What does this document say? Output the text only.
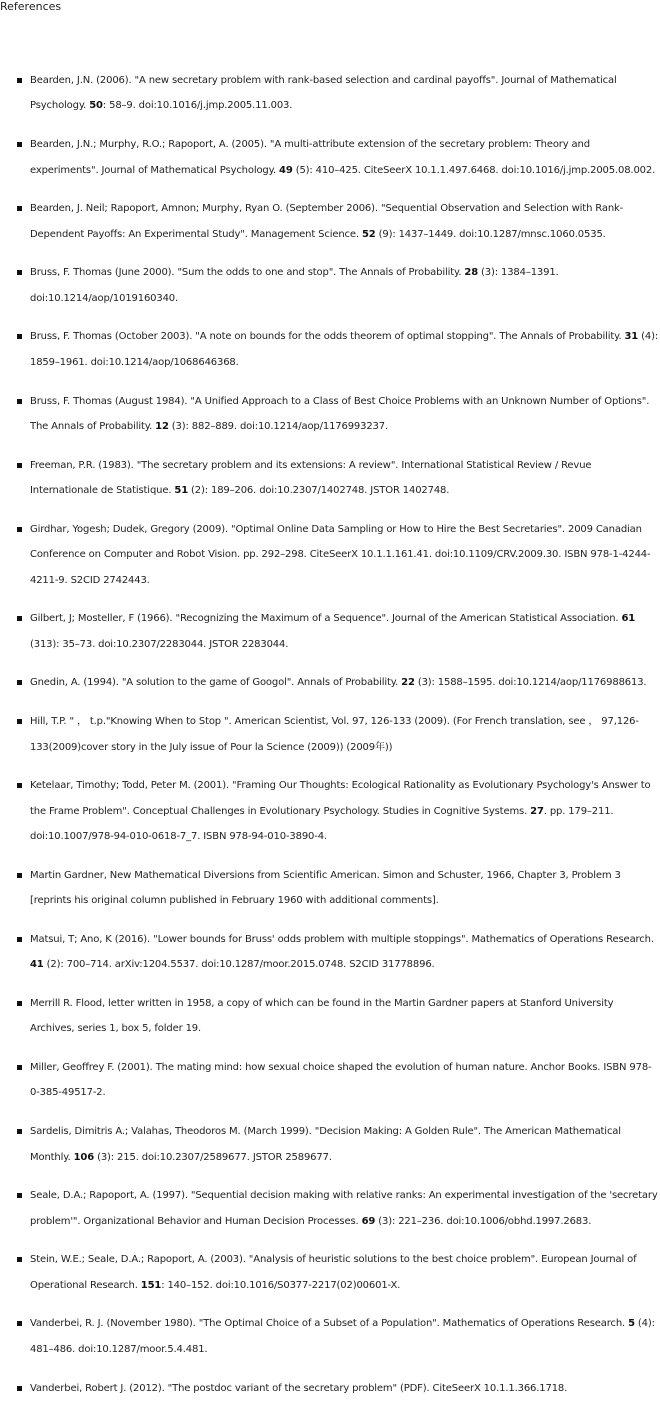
References
Bearden, J.N. (2006). "A new secretary problem with rank-based selection and cardinal payoffs". Journal of Mathematical Psychology. 50: 58–9. doi:10.1016/j.jmp.2005.11.003.
Bearden, J.N.; Murphy, R.O.; Rapoport, A. (2005). "A multi-attribute extension of the secretary problem: Theory and experiments". Journal of Mathematical Psychology. 49 (5): 410–425. CiteSeerX 10.1.1.497.6468. doi:10.1016/j.jmp.2005.08.002.
Bearden, J. Neil; Rapoport, Amnon; Murphy, Ryan O. (September 2006). "Sequential Observation and Selection with Rank-Dependent Payoffs: An Experimental Study". Management Science. 52 (9): 1437–1449. doi:10.1287/mnsc.1060.0535.
Bruss, F. Thomas (June 2000). "Sum the odds to one and stop". The Annals of Probability. 28 (3): 1384–1391. doi:10.1214/aop/1019160340.
Bruss, F. Thomas (October 2003). "A note on bounds for the odds theorem of optimal stopping". The Annals of Probability. 31 (4): 1859–1961. doi:10.1214/aop/1068646368.
Bruss, F. Thomas (August 1984). "A Unified Approach to a Class of Best Choice Problems with an Unknown Number of Options". The Annals of Probability. 12 (3): 882–889. doi:10.1214/aop/1176993237.
Freeman, P.R. (1983). "The secretary problem and its extensions: A review". International Statistical Review / Revue Internationale de Statistique. 51 (2): 189–206. doi:10.2307/1402748. JSTOR 1402748.
Girdhar, Yogesh; Dudek, Gregory (2009). "Optimal Online Data Sampling or How to Hire the Best Secretaries". 2009 Canadian Conference on Computer and Robot Vision. pp. 292–298. CiteSeerX 10.1.1.161.41. doi:10.1109/CRV.2009.30. ISBN 978-1-4244-4211-9. S2CID 2742443.
Gilbert, J; Mosteller, F (1966). "Recognizing the Maximum of a Sequence". Journal of the American Statistical Association. 61 (313): 35–73. doi:10.2307/2283044. JSTOR 2283044.
Gnedin, A. (1994). "A solution to the game of Googol". Annals of Probability. 22 (3): 1588–1595. doi:10.1214/aop/1176988613.
Hill, T.P. " ， t.p."Knowing When to Stop ". American Scientist, Vol. 97, 126-133 (2009). (For French translation, see ， 97,126-133(2009)cover story in the July issue of Pour la Science (2009)) (2009年))
Ketelaar, Timothy; Todd, Peter M. (2001). "Framing Our Thoughts: Ecological Rationality as Evolutionary Psychology's Answer to the Frame Problem". Conceptual Challenges in Evolutionary Psychology. Studies in Cognitive Systems. 27. pp. 179–211. doi:10.1007/978-94-010-0618-7_7. ISBN 978-94-010-3890-4.
Martin Gardner, New Mathematical Diversions from Scientific American. Simon and Schuster, 1966, Chapter 3, Problem 3 [reprints his original column published in February 1960 with additional comments].
Matsui, T; Ano, K (2016). "Lower bounds for Bruss' odds problem with multiple stoppings". Mathematics of Operations Research. 41 (2): 700–714. arXiv:1204.5537. doi:10.1287/moor.2015.0748. S2CID 31778896.
Merrill R. Flood, letter written in 1958, a copy of which can be found in the Martin Gardner papers at Stanford University Archives, series 1, box 5, folder 19.
Miller, Geoffrey F. (2001). The mating mind: how sexual choice shaped the evolution of human nature. Anchor Books. ISBN 978-0-385-49517-2.
Sardelis, Dimitris A.; Valahas, Theodoros M. (March 1999). "Decision Making: A Golden Rule". The American Mathematical Monthly. 106 (3): 215. doi:10.2307/2589677. JSTOR 2589677.
Seale, D.A.; Rapoport, A. (1997). "Sequential decision making with relative ranks: An experimental investigation of the 'secretary problem'". Organizational Behavior and Human Decision Processes. 69 (3): 221–236. doi:10.1006/obhd.1997.2683.
Stein, W.E.; Seale, D.A.; Rapoport, A. (2003). "Analysis of heuristic solutions to the best choice problem". European Journal of Operational Research. 151: 140–152. doi:10.1016/S0377-2217(02)00601-X.
Vanderbei, R. J. (November 1980). "The Optimal Choice of a Subset of a Population". Mathematics of Operations Research. 5 (4): 481–486. doi:10.1287/moor.5.4.481.
Vanderbei, Robert J. (2012). "The postdoc variant of the secretary problem" (PDF). CiteSeerX 10.1.1.366.1718.
